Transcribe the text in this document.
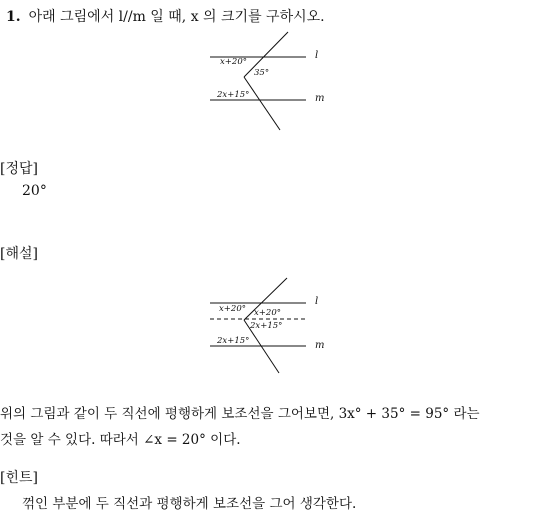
1. 아래 그림에서 l//m 일 때, x 의 크기를 구하시오.
x+20°
35°
2x+15°
l
m
[정답]
20°
[해설]
x+20° x+20°
2x+15°
2x+15°
l
m
위의 그림과 같이 두 직선에 평행하게 보조선을 그어보면, 3x° + 35° = 95° 라는
것을 알 수 있다. 따라서 ∠x = 20° 이다.
[힌트]
꺾인 부분에 두 직선과 평행하게 보조선을 그어 생각한다.
